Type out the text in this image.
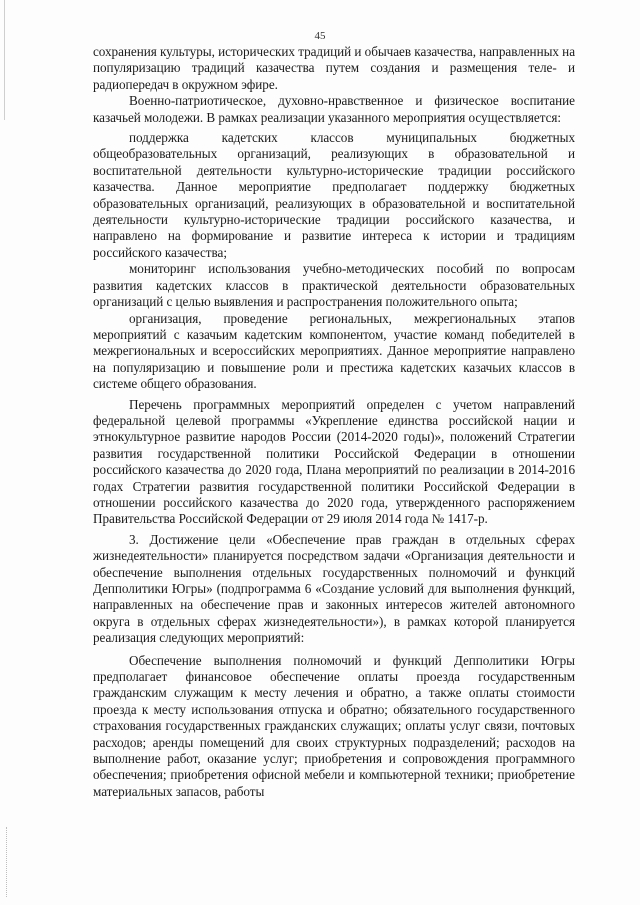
45

сохранения культуры, исторических традиций и обычаев казачества, направленных на популяризацию традиций казачества путем создания и размещения теле- и радиопередач в окружном эфире.

Военно-патриотическое, духовно-нравственное и физическое воспитание казачьей молодежи. В рамках реализации указанного мероприятия осуществляется:

поддержка кадетских классов муниципальных бюджетных общеобразовательных организаций, реализующих в образовательной и воспитательной деятельности культурно-исторические традиции российского казачества. Данное мероприятие предполагает поддержку бюджетных образовательных организаций, реализующих в образовательной и воспитательной деятельности культурно-исторические традиции российского казачества, и направлено на формирование и развитие интереса к истории и традициям российского казачества;

мониторинг использования учебно-методических пособий по вопросам развития кадетских классов в практической деятельности образовательных организаций с целью выявления и распространения положительного опыта;

организация, проведение региональных, межрегиональных этапов мероприятий с казачьим кадетским компонентом, участие команд победителей в межрегиональных и всероссийских мероприятиях. Данное мероприятие направлено на популяризацию и повышение роли и престижа кадетских казачьих классов в системе общего образования.

Перечень программных мероприятий определен с учетом направлений федеральной целевой программы «Укрепление единства российской нации и этнокультурное развитие народов России (2014-2020 годы)», положений Стратегии развития государственной политики Российской Федерации в отношении российского казачества до 2020 года, Плана мероприятий по реализации в 2014-2016 годах Стратегии развития государственной политики Российской Федерации в отношении российского казачества до 2020 года, утвержденного распоряжением Правительства Российской Федерации от 29 июля 2014 года № 1417-р.

3. Достижение цели «Обеспечение прав граждан в отдельных сферах жизнедеятельности» планируется посредством задачи «Организация деятельности и обеспечение выполнения отдельных государственных полномочий и функций Депполитики Югры» (подпрограмма 6 «Создание условий для выполнения функций, направленных на обеспечение прав и законных интересов жителей автономного округа в отдельных сферах жизнедеятельности»), в рамках которой планируется реализация следующих мероприятий:

Обеспечение выполнения полномочий и функций Депполитики Югры предполагает финансовое обеспечение оплаты проезда государственным гражданским служащим к месту лечения и обратно, а также оплаты стоимости проезда к месту использования отпуска и обратно; обязательного государственного страхования государственных гражданских служащих; оплаты услуг связи, почтовых расходов; аренды помещений для своих структурных подразделений; расходов на выполнение работ, оказание услуг; приобретения и сопровождения программного обеспечения; приобретения офисной мебели и компьютерной техники; приобретение материальных запасов, работы
